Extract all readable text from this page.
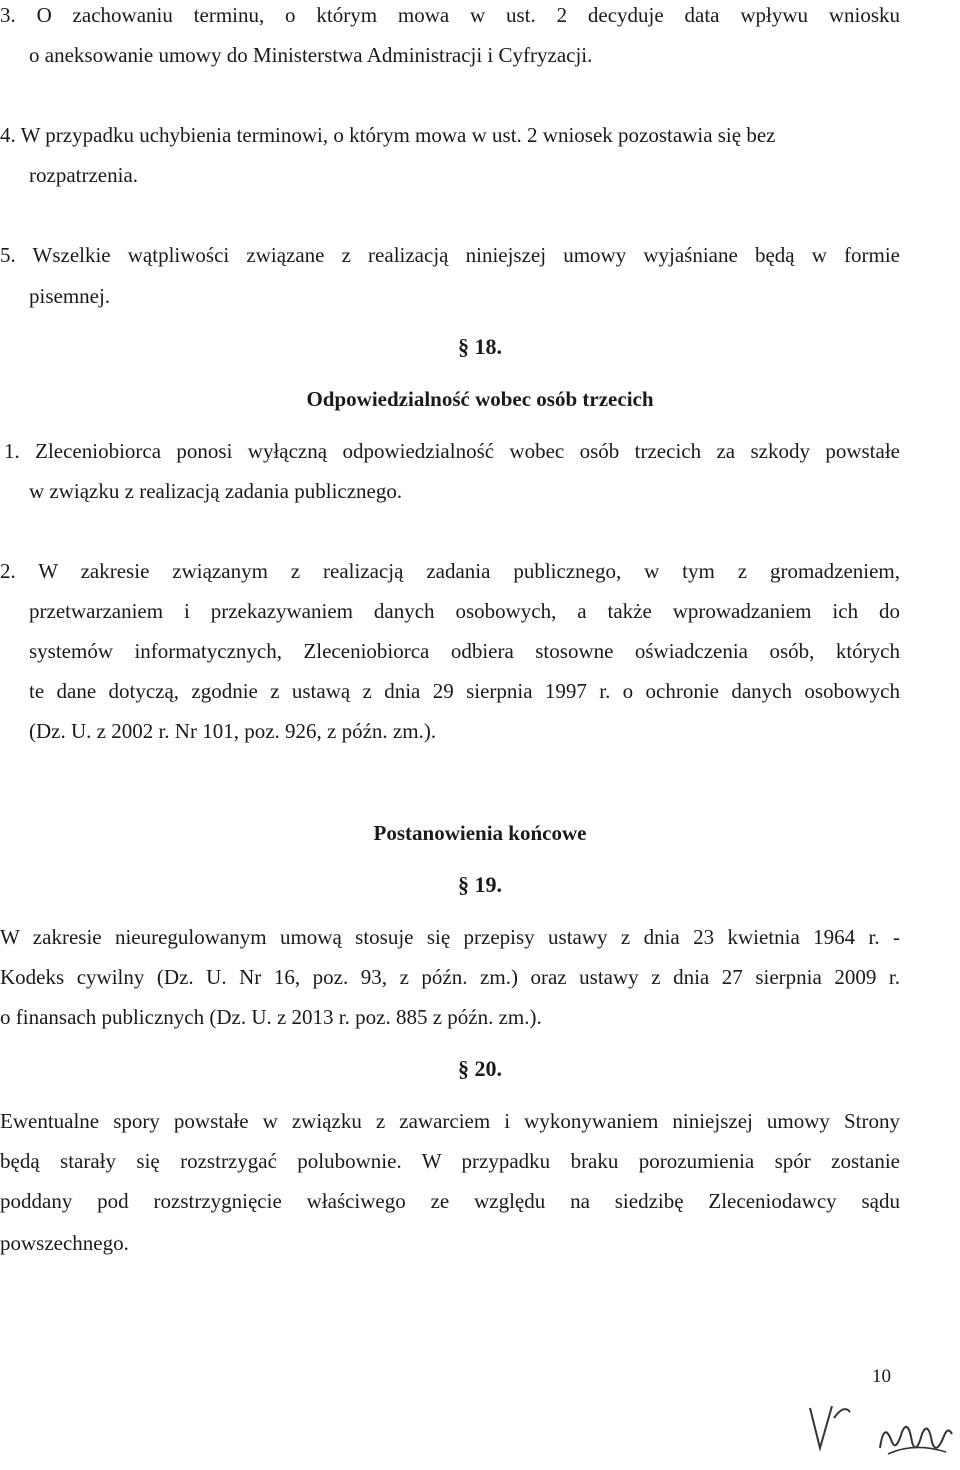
3. O zachowaniu terminu, o którym mowa w ust. 2 decyduje data wpływu wniosku
o aneksowanie umowy do Ministerstwa Administracji i Cyfryzacji.
4. W przypadku uchybienia terminowi, o którym mowa w ust. 2 wniosek pozostawia się bez
rozpatrzenia.
5. Wszelkie wątpliwości związane z realizacją niniejszej umowy wyjaśniane będą w formie
pisemnej.
§ 18.
Odpowiedzialność wobec osób trzecich
1. Zleceniobiorca ponosi wyłączną odpowiedzialność wobec osób trzecich za szkody powstałe
w związku z realizacją zadania publicznego.
2. W zakresie związanym z realizacją zadania publicznego, w tym z gromadzeniem,
przetwarzaniem i przekazywaniem danych osobowych, a także wprowadzaniem ich do
systemów informatycznych, Zleceniobiorca odbiera stosowne oświadczenia osób, których
te dane dotyczą, zgodnie z ustawą z dnia 29 sierpnia 1997 r. o ochronie danych osobowych
(Dz. U. z 2002 r. Nr 101, poz. 926, z późn. zm.).
Postanowienia końcowe
§ 19.
W zakresie nieuregulowanym umową stosuje się przepisy ustawy z dnia 23 kwietnia 1964 r. -
Kodeks cywilny (Dz. U. Nr 16, poz. 93, z późn. zm.) oraz ustawy z dnia 27 sierpnia 2009 r.
o finansach publicznych (Dz. U. z 2013 r. poz. 885 z późn. zm.).
§ 20.
Ewentualne spory powstałe w związku z zawarciem i wykonywaniem niniejszej umowy Strony
będą starały się rozstrzygać polubownie. W przypadku braku porozumienia spór zostanie
poddany pod rozstrzygnięcie właściwego ze względu na siedzibę Zleceniodawcy sądu
powszechnego.
10
